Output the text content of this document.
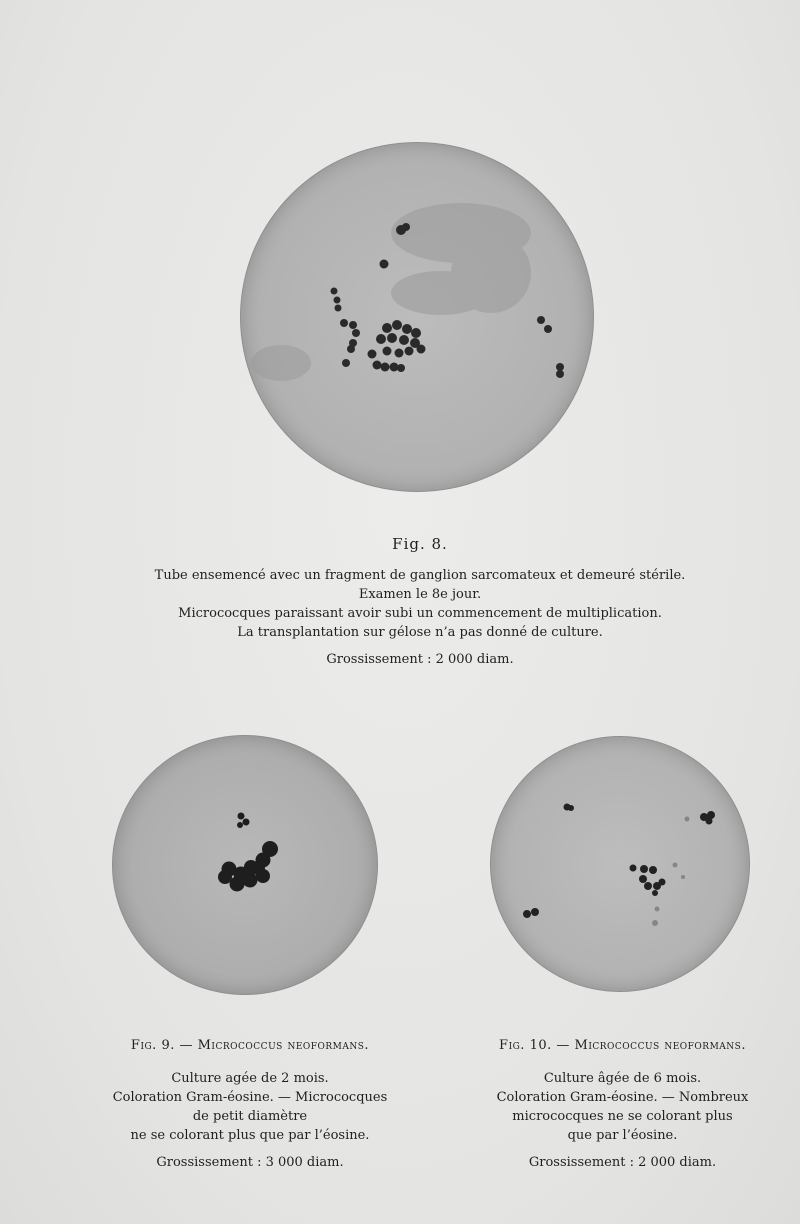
Fig. 8.
Tube ensemencé avec un fragment de ganglion sarcomateux et demeuré stérile.
Examen le 8e jour.
Micrococques paraissant avoir subi un commencement de multiplication.
La transplantation sur gélose n’a pas donné de culture.
Grossissement : 2 000 diam.
Fig. 9. — Micrococcus neoformans.
Culture agée de 2 mois.
Coloration Gram-éosine. — Micrococques
de petit diamètre
ne se colorant plus que par l’éosine.
Grossissement : 3 000 diam.
Fig. 10. — Micrococcus neoformans.
Culture âgée de 6 mois.
Coloration Gram-éosine. — Nombreux
micrococques ne se colorant plus
que par l’éosine.
Grossissement : 2 000 diam.
